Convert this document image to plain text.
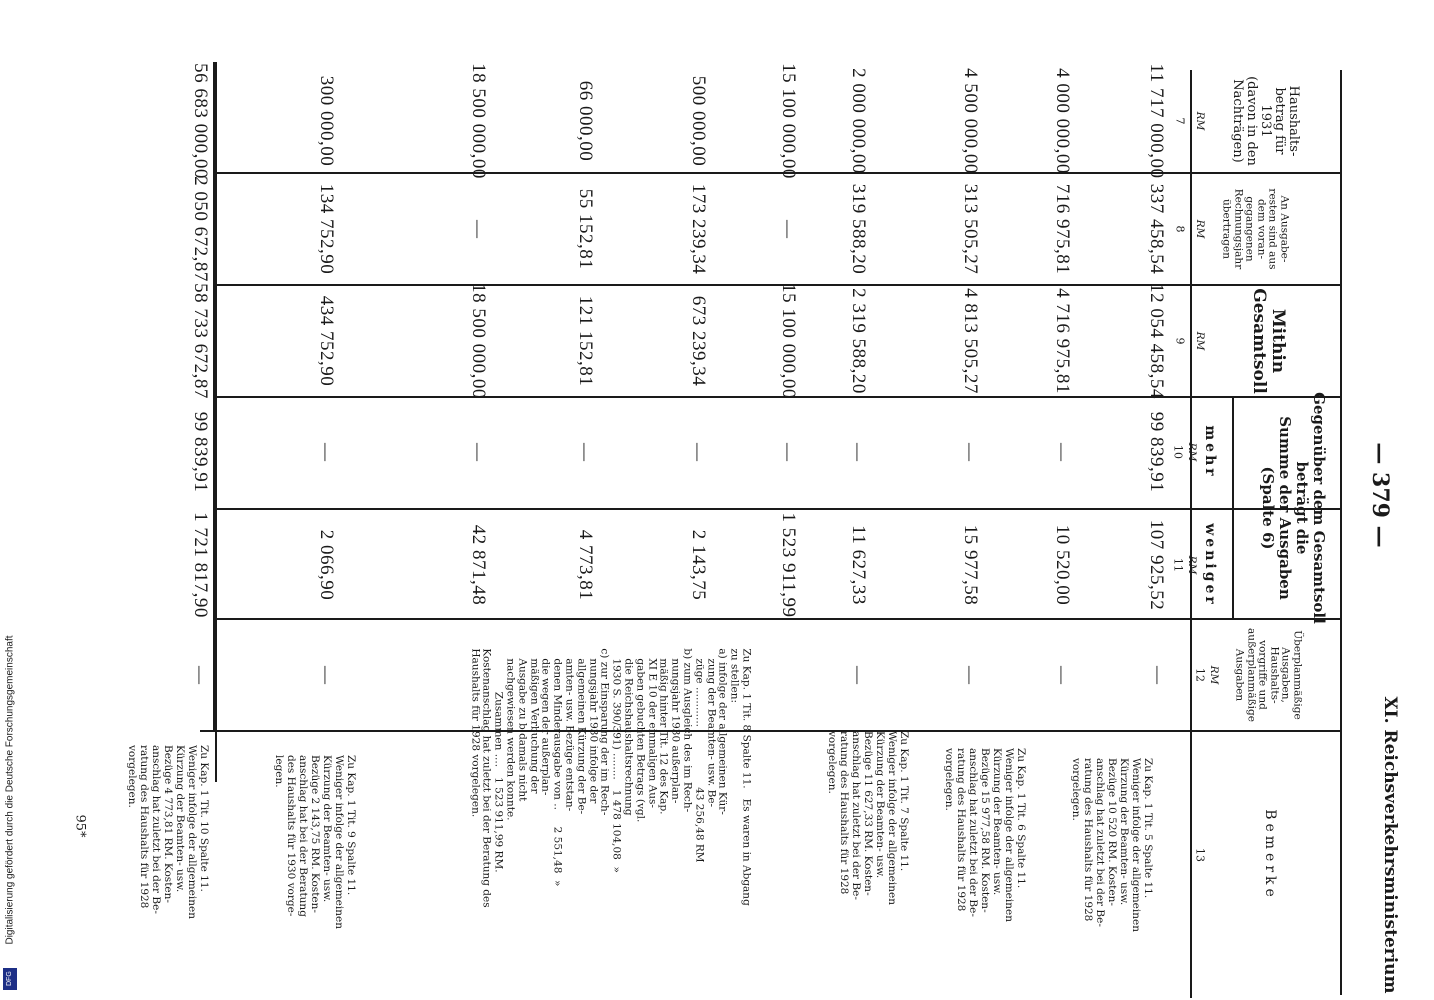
— 379 —
XI. Reichsverkehrsministerium
Haushalts-
betrag für
1931
(davon in den
Nachträgen)
An Ausgabe-
resten sind aus
dem voran-
gegangenen
Rechnungsjahr
übertragen
Mithin
Gesamtsoll
Gegenüber dem Gesamtsoll
beträgt die
Summe der Ausgaben
(Spalte 6)
mehr
weniger
Überplanmäßige
Ausgaben,
Haushalts-
vorgriffe und
außerplanmäßige
Ausgaben
Bemerke
RM
RM
RM
RM
RM
RM
7
8
9
10
11
12
13
11 717 000,00
337 458,54
12 054 458,54
99 839,91
107 925,52
—
Zu Kap. 1 Tit. 5 Spalte 11.
Weniger infolge der allgemeinen
Kürzung der Beamten- usw.
Bezüge 10 520 RM. Kosten-
anschlag hat zuletzt bei der Be-
ratung des Haushalts für 1928
vorgelegen.
4 000 000,00
716 975,81
4 716 975,81
—
10 520,00
—
4 500 000,00
313 505,27
4 813 505,27
—
15 977,58
—
Zu Kap. 1 Tit. 6 Spalte 11.
Weniger infolge der allgemeinen
Kürzung der Beamten- usw.
Bezüge 15 977,58 RM. Kosten-
anschlag hat zuletzt bei der Be-
ratung des Haushalts für 1928
vorgelegen.
2 000 000,00
319 588,20
2 319 588,20
—
11 627,33
—
Zu Kap. 1 Tit. 7 Spalte 11.
Weniger infolge der allgemeinen
Kürzung der Beamten- usw.
Bezüge 11 627,33 RM. Kosten-
anschlag hat zuletzt bei der Be-
ratung des Haushalts für 1928
vorgelegen.
15 100 000,00
—
15 100 000,00
—
1 523 911,99
Zu Kap. 1 Tit. 8 Spalte 11.   Es waren in Abgang
zu stellen:
a) infolge der allgemeinen Kür-
zung der Beamten- usw. Be-
züge ............                  43 256,48 RM
b) zum Ausgleich des im Rech-
nungsjahr 1930 außerplan-
mäßig hinter Tit. 12 des Kap.
XI E 10 der einmaligen Aus-
gaben gebuchten Betrags (vgl.
die Reichshaushaltsrechnung
1930 S. 390/391) ........   1 478 104,08  »
c) zur Einsparung der im Rech-
nungsjahr 1930 infolge der
allgemeinen Kürzung der Be-
amten- usw. Bezüge entstan-
denen Minderausgabe von ..     2 551,48  »
die wegen der außerplan-
mäßigen Verbuchung der
Ausgabe zu b damals nicht
nachgewiesen werden konnte.
Zusammen ....   1 523 911,99 RM.
Kostenanschlag hat zuletzt bei der Beratung des
Haushalts für 1928 vorgelegen.
500 000,00
173 239,34
673 239,34
—
2 143,75
66 000,00
55 152,81
121 152,81
—
4 773,81
18 500 000,00
—
18 500 000,00
—
42 871,48
300 000,00
134 752,90
434 752,90
—
2 066,90
—
Zu Kap. 1 Tit. 9 Spalte 11.
Weniger infolge der allgemeinen
Kürzung der Beamten- usw.
Bezüge 2 143,75 RM. Kosten-
anschlag hat bei der Beratung
des Haushalts für 1930 vorge-
legen.
56 683 000,00
2 050 672,87
58 733 672,87
99 839,91
1 721 817,90
—
Zu Kap. 1 Tit. 10 Spalte 11.
Weniger infolge der allgemeinen
Kürzung der Beamten- usw.
Bezüge 4 773,81 RM. Kosten-
anschlag hat zuletzt bei der Be-
ratung des Haushalts für 1928
vorgelegen.
95*
Digitalisierung gefördert durch die Deutsche Forschungsgemeinschaft
DFG
